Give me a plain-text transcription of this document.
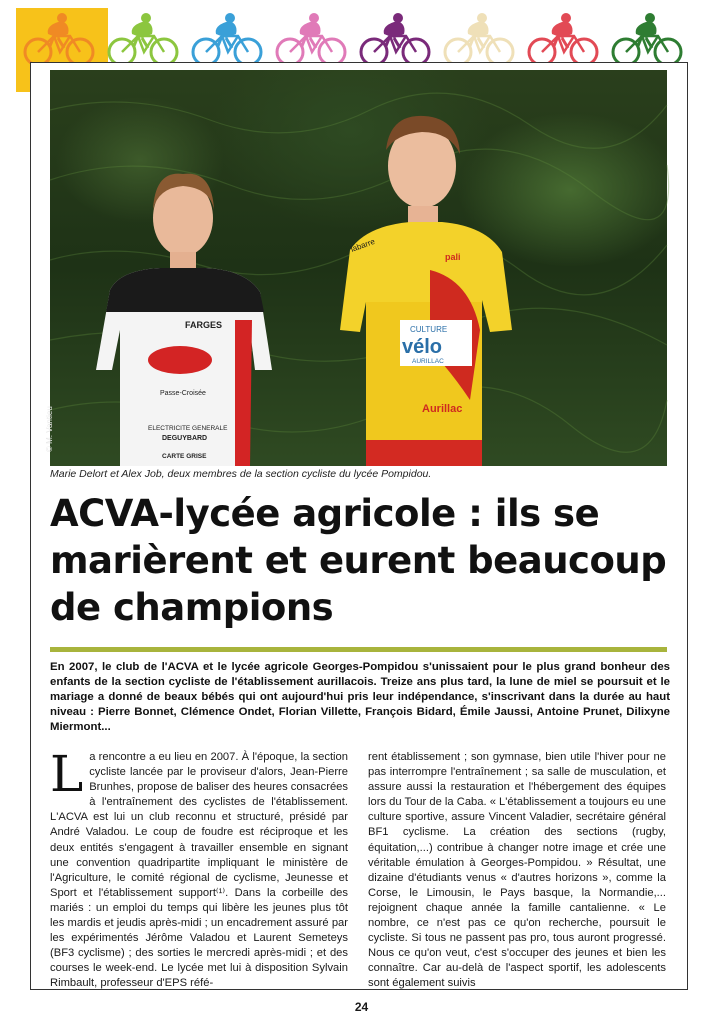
FARGES
Passe-Croisée
ELECTRICITE GENERALE
DEGUYBARD
CARTE GRISE
CULTURE
vélo
AURILLAC
Aurillac
pali
labarre
© M. Vantieu
Marie Delort et Alex Job, deux membres de la section cycliste du lycée Pompidou.
ACVA-lycée agricole : ils se marièrent et eurent beaucoup de champions

En 2007, le club de l'ACVA et le lycée agricole Georges-Pompidou s'unissaient pour le plus grand bonheur des enfants de la section cycliste de l'établissement aurillacois. Treize ans plus tard, la lune de miel se poursuit et le mariage a donné de beaux bébés qui ont aujourd'hui pris leur indépendance, s'inscrivant dans la durée au haut niveau : Pierre Bonnet, Clémence Ondet, Florian Villette, François Bidard, Émile Jaussi, Antoine Prunet, Dilixyne Miermont...

La rencontre a eu lieu en 2007. À l'époque, la section cycliste lancée par le proviseur d'alors, Jean-Pierre Brunhes, propose de baliser des heures consacrées à l'entraînement des cyclistes de l'établissement. L'ACVA est lui un club reconnu et structuré, présidé par André Valadou. Le coup de foudre est réciproque et les deux entités s'engagent à travailler ensemble en signant une convention quadripartite impliquant le ministère de l'Agriculture, le comité régional de cyclisme, Jeunesse et Sport et l'établissement support⁽¹⁾. Dans la corbeille des mariés : un emploi du temps qui libère les jeunes plus tôt les mardis et jeudis après-midi ; un encadrement assuré par les expérimentés Jérôme Valadou et Laurent Semeteys (BF3 cyclisme) ; des sorties le mercredi après-midi ; et des courses le week-end. Le lycée met lui à disposition Sylvain Rimbault, professeur d'EPS réfé-

rent établissement ; son gymnase, bien utile l'hiver pour ne pas interrompre l'entraînement ; sa salle de musculation, et assure aussi la restauration et l'hébergement des équipes lors du Tour de la Caba. « L'établissement a toujours eu une culture sportive, assure Vincent Valadier, secrétaire général BF1 cyclisme. La création des sections (rugby, équitation,...) contribue à changer notre image et crée une véritable émulation à Georges-Pompidou. » Résultat, une dizaine d'étudiants venus « d'autres horizons », comme la Corse, le Limousin, le Pays basque, la Normandie,... rejoignent chaque année la famille cantalienne. « Le nombre, ce n'est pas ce qu'on recherche, poursuit le cycliste. Si tous ne passent pas pro, tous auront progressé. Nous ce qu'on veut, c'est s'occuper des jeunes et bien les connaître. Car au-delà de l'aspect sportif, les adolescents sont également suivis

24
